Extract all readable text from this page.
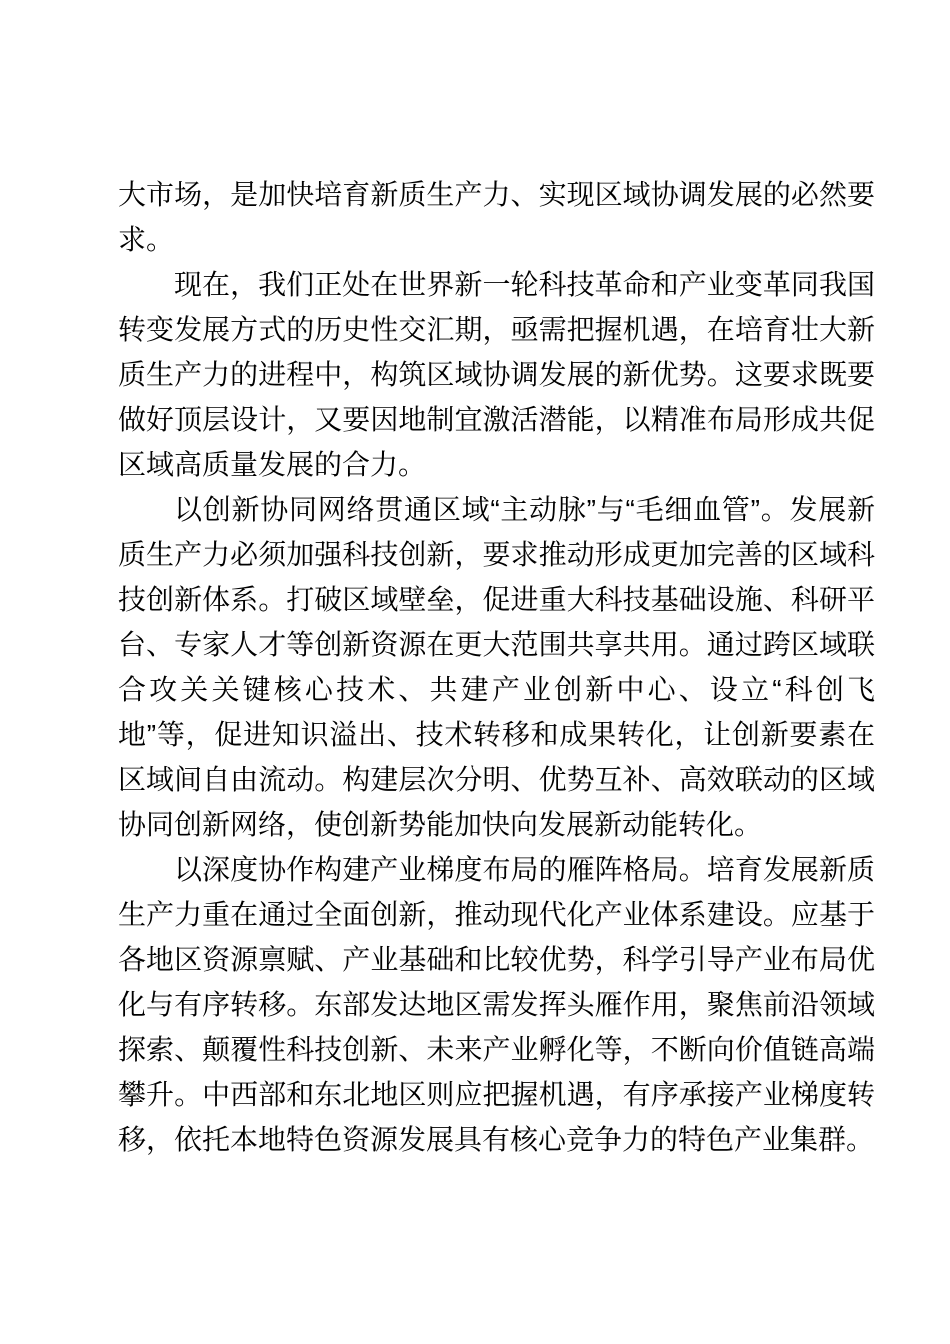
大市场，是加快培育新质生产力、实现区域协调发展的必然要求。

现在，我们正处在世界新一轮科技革命和产业变革同我国转变发展方式的历史性交汇期，亟需把握机遇，在培育壮大新质生产力的进程中，构筑区域协调发展的新优势。这要求既要做好顶层设计，又要因地制宜激活潜能，以精准布局形成共促区域高质量发展的合力。

以创新协同网络贯通区域“主动脉”与“毛细血管”。发展新质生产力必须加强科技创新，要求推动形成更加完善的区域科技创新体系。打破区域壁垒，促进重大科技基础设施、科研平台、专家人才等创新资源在更大范围共享共用。通过跨区域联合攻关关键核心技术、共建产业创新中心、设立“科创飞地”等，促进知识溢出、技术转移和成果转化，让创新要素在区域间自由流动。构建层次分明、优势互补、高效联动的区域协同创新网络，使创新势能加快向发展新动能转化。

以深度协作构建产业梯度布局的雁阵格局。培育发展新质生产力重在通过全面创新，推动现代化产业体系建设。应基于各地区资源禀赋、产业基础和比较优势，科学引导产业布局优化与有序转移。东部发达地区需发挥头雁作用，聚焦前沿领域探索、颠覆性科技创新、未来产业孵化等，不断向价值链高端攀升。中西部和东北地区则应把握机遇，有序承接产业梯度转移，依托本地特色资源发展具有核心竞争力的特色产业集群。
